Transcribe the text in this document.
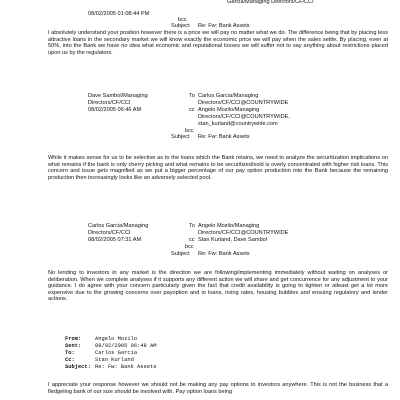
Garcia/Managing Directors/CF/CCI
08/02/2005 01:08:44 PM
bcc
Subject Re: Fw: Bank Assets

I absolutely understand your position however there is a price we will pay no matter what we do. The difference being that by placing less attractive loans in the secondary market we will know exactly the economic price we will pay when the sales settle. By placing, even at 50%, into the Bank we have no idea what economic and reputational losses we will suffer not to say anything about restrictions placed upon us by the regulators.

Dave Sambol/Managing
Directors/CF/CCI
08/02/2005 06:46 AM
To Carlos Garcia/Managing
Directors/CF/CCI@COUNTRYWIDE
cc Angelo Mozilo/Managing
Directors/CF/CCI@COUNTRYWIDE,
stan_kurland@countrywide.com
bcc
Subject Re: Fw: Bank Assets

While it makes sense for us to be selective as to the loans which the Bank retains, we need to analyze the securitization implications on what remains if the bank is only cherry picking and what remains to be securitized/sold is overly concentrated with higher risk loans. This concern and issue gets magnified as we put a bigger percentage of our pay option production into the Bank because the remaining production then increasingly looks like an adversely selected pool.

Carlos Garcia/Managing
Directors/CF/CCI
08/02/2005 07:31 AM
To Angelo Mozilo/Managing
Directors/CF/CCI@COUNTRYWIDE
cc Stan Kurland, Dave Sambol
bcc
Subject Re: Fw: Bank Assets

No lending to investors in any market is the direction we are following/implementing immediately without waiting on analyses or deliberation. When we complete analyses if it supports any different action we will share and get concurrence for any adjustment to your guidance. I do agree with your concern particularly given the fact that credit availability is going to tighten or atleast get a lot more expensive due to the growing concerns over payoption and io loans, rising rates, housing bubbles and ensuing regulatory and lender actions.

From:	Angelo Mozilo
Sent:	08/02/2005 06:48 AM
To:	Carlos Garcia
Cc:	Stan Kurland
Subject: Re: Fw: Bank Assets

I appreciate your response however we should not be making any pay options to investors anywhere. This is not the business that a fledgeling bank of our size should be involved with. Pay option loans being
